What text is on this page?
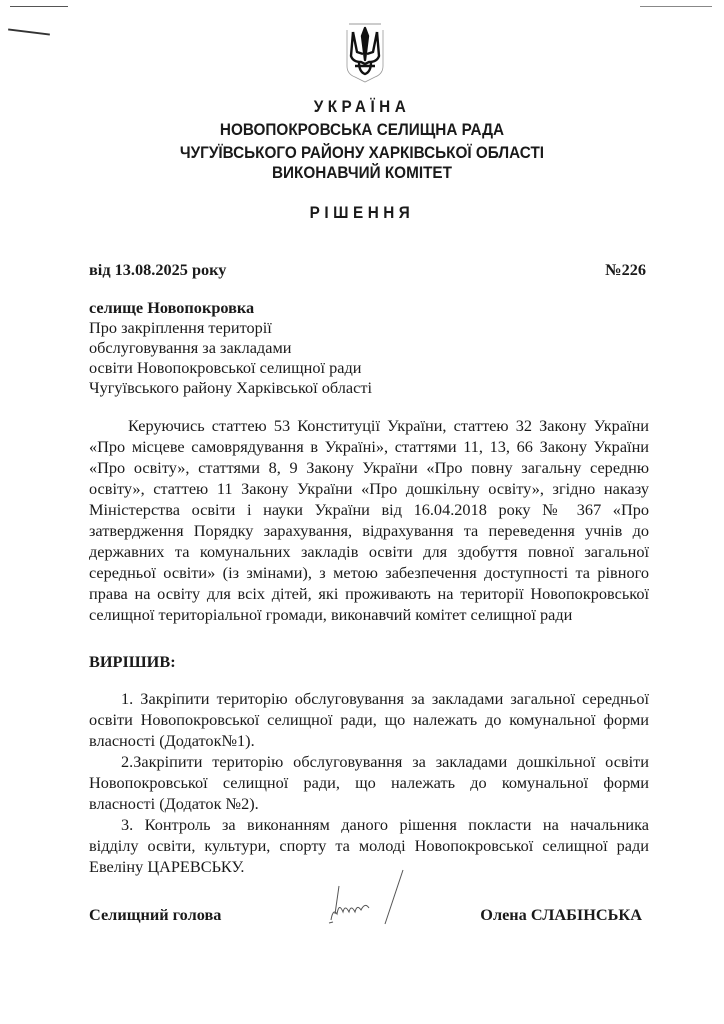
УКРАЇНА
НОВОПОКРОВСЬКА СЕЛИЩНА РАДА
ЧУГУЇВСЬКОГО РАЙОНУ ХАРКІВСЬКОЇ ОБЛАСТІ
ВИКОНАВЧИЙ КОМІТЕТ
РІШЕННЯ
від 13.08.2025 року	№226
селище Новопокровка
Про закріплення території
обслуговування за закладами
освіти Новопокровської селищної ради
Чугуївського району Харківської області
Керуючись статтею 53 Конституції України, статтею 32 Закону України
«Про місцеве самоврядування в Україні», статтями 11, 13, 66 Закону України
«Про освіту», статтями 8, 9 Закону України «Про повну загальну середню
освіту», статтею 11 Закону України «Про дошкільну освіту», згідно наказу
Міністерства освіти і науки України від 16.04.2018 року № 367 «Про
затвердження Порядку зарахування, відрахування та переведення учнів до
державних та комунальних закладів освіти для здобуття повної загальної
середньої освіти» (із змінами), з метою забезпечення доступності та рівного
права на освіту для всіх дітей, які проживають на території Новопокровської
селищної територіальної громади, виконавчий комітет селищної ради
ВИРІШИВ:
1. Закріпити територію обслуговування за закладами загальної середньої
освіти Новопокровської селищної ради, що належать до комунальної форми
власності (Додаток№1).
2.Закріпити територію обслуговування за закладами дошкільної освіти
Новопокровської селищної ради, що належать до комунальної форми
власності (Додаток №2).
3. Контроль за виконанням даного рішення покласти на начальника
відділу освіти, культури, спорту та молоді Новопокровської селищної ради
Евеліну ЦАРЕВСЬКУ.
Селищний голова	Олена СЛАБІНСЬКА
